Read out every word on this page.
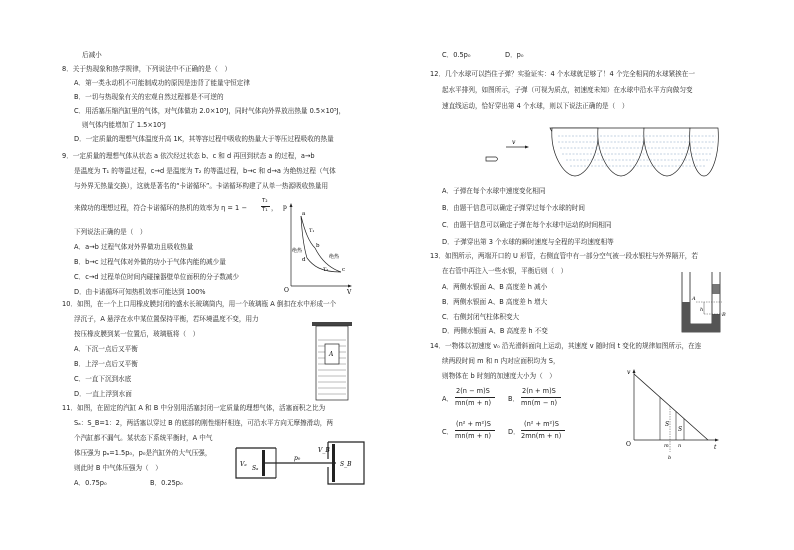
后减小
8．关于热现象和热学规律，下列说法中不正确的是（　）
A．第一类永动机不可能制成功的原因是违背了能量守恒定律
B．一切与热现象有关的宏观自然过程都是不可逆的
C．用活塞压缩汽缸里的气体，对气体做功 2.0×10⁵J，同时气体向外界放出热量 0.5×10⁵J，
则气体内能增加了 1.5×10⁵J
D．一定质量的理想气体温度升高 1K，其等容过程中吸收的热量大于等压过程吸收的热量
9．一定质量的理想气体从状态 a 依次经过状态 b、c 和 d 再回到状态 a 的过程，a→b
是温度为 T₁ 的等温过程，c→d 是温度为 T₂ 的等温过程，b→c 和 d→a 为绝热过程（气体
与外界无热量交换），这就是著名的“卡诺循环”。卡诺循环构建了从单一热源吸收热量用
来做功的理想过程，符合卡诺循环的热机的效率为 η = 1 −
T₂
T₁ ，
下列说法正确的是（　）
A．a→b 过程气体对外界做功且吸收热量
B．b→c 过程气体对外做的功小于气体内能的减少量
C．c→d 过程单位时间内碰撞器壁单位面积的分子数减少
D．由卡诺循环可知热机效率可能达到 100%
p
V
O
a
b
c
d
T₁
T₂
绝热
绝热
10．如图，在一个上口用橡皮膜封闭的盛水长玻璃筒内，用一个玻璃瓶 A 倒扣在水中形成一个
浮沉子，A 悬浮在水中某位置保持平衡，若环境温度不变，用力
按压橡皮膜到某一位置后，玻璃瓶将（　）
A．下沉一点后又平衡
B．上浮一点后又平衡
C．一直下沉到水底
D．一直上浮到水面
A
11．如图，在固定的汽缸 A 和 B 中分别用活塞封闭一定质量的理想气体，活塞面积之比为
Sₐ：S_B=1：2，两活塞以穿过 B 的底部的刚性细杆相连，可沿水平方向无摩擦滑动，两
个汽缸都不漏气。某状态下系统平衡时，A 中气
体压强为 pₐ=1.5p₀，p₀是汽缸外的大气压强，
则此时 B 中气体压强为（　）
A．0.75p₀	B．0.25p₀
Vₐ
Sₐ
p₀
V_B
S_B
C．0.5p₀	D．p₀
12．几个水球可以挡住子弹？实验证实：4 个水球就足够了！4 个完全相同的水球紧挨在一
起水平排列，如图所示，子弹（可视为质点，初速度未知）在水球中沿水平方向做匀变
速直线运动，恰好穿出第 4 个水球，则以下说法正确的是（　）
v
A．子弹在每个水球中速度变化相同
B．由题干信息可以确定子弹穿过每个水球的时间
C．由题干信息可以确定子弹在每个水球中运动的时间相同
D．子弹穿出第 3 个水球的瞬时速度与全程的平均速度相等
13．如图所示，两端开口的 U 形管，右侧直管中有一部分空气被一段水银柱与外界隔开，若
在右管中再注入一些水银，平衡后则（　）
A．两侧水银面 A、B 高度差 h 减小
B．两侧水银面 A、B 高度差 h 增大
C．右侧封闭气柱体积变大
D．两侧水银面 A、B 高度差 h 不变
A
B
h
14．一物体以初速度 v₀ 沿光滑斜面向上运动，其速度 v 随时间 t 变化的规律如图所示，在连
续两段时间 m 和 n 内对应面积均为 S，
则物体在 b 时刻的加速度大小为（　）
A．
2(n − m)S
mn(m + n)	B．
2(n + m)S
mn(m − n)
C．
(n² + m²)S
mn(m + n)	D．
(n² + m²)S
2mn(m + n)
v
t
O
S
S
m n
b
